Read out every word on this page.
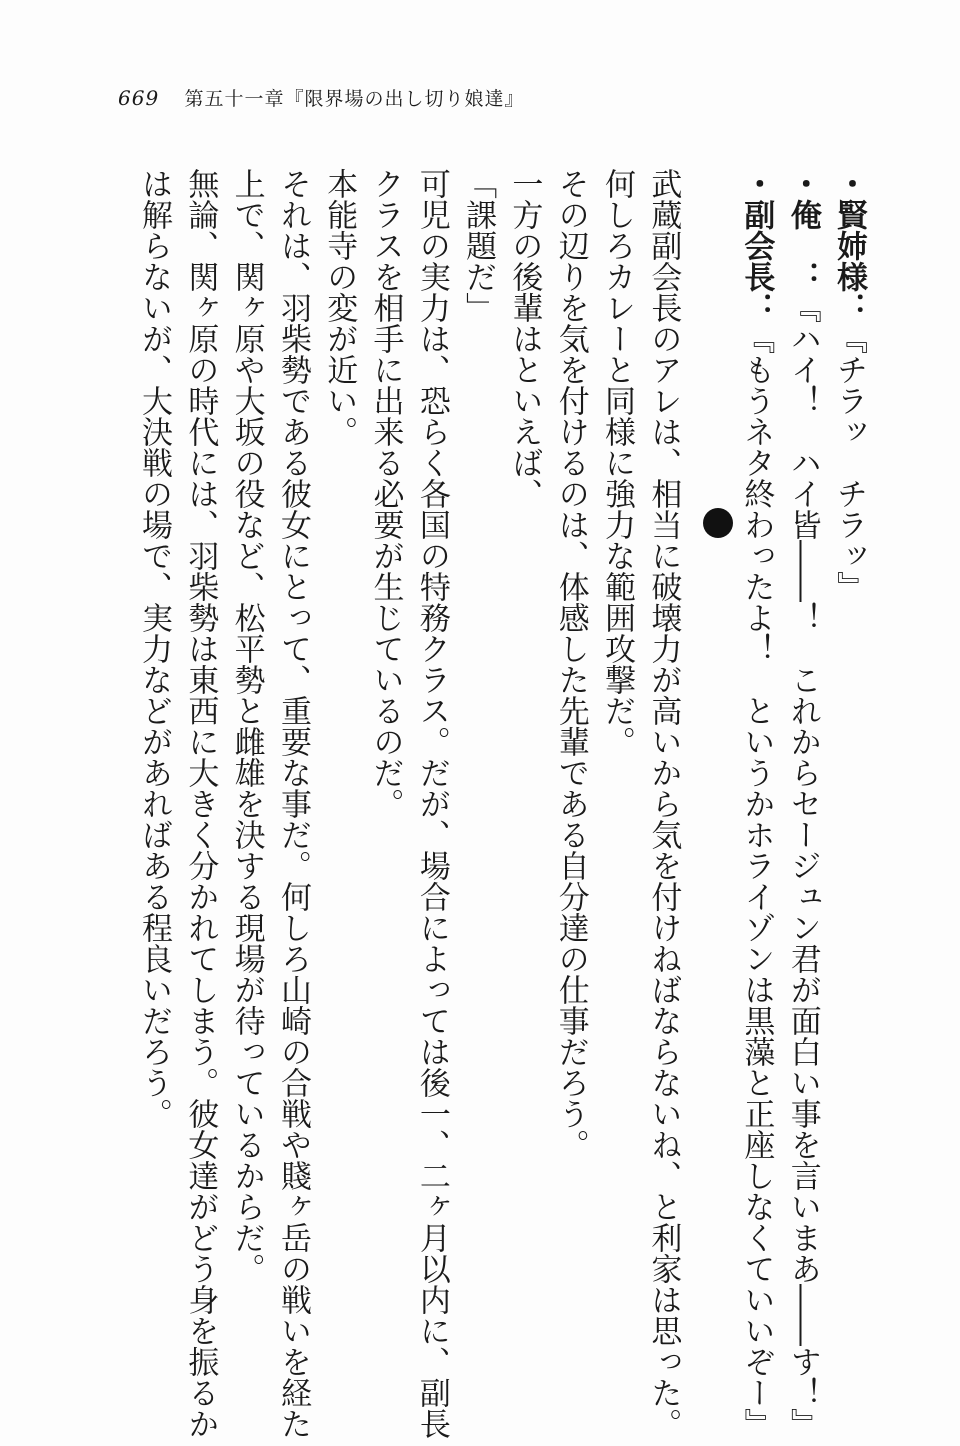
669 第五十一章『限界場の出し切り娘達』
・賢姉様：『チラッ　チラッ』
・俺　：『ハイ！　ハイ皆――！　これからセージュン君が面白い事を言いまあ――す！』
・副会長：『もうネタ終わったよ！　というかホライゾンは黒藻と正座しなくていいぞー』
武蔵副会長のアレは、相当に破壊力が高いから気を付けねばならないね、と利家は思った。
何しろカレーと同様に強力な範囲攻撃だ。
その辺りを気を付けるのは、体感した先輩である自分達の仕事だろう。
一方の後輩はといえば、
「課題だ」
可児の実力は、恐らく各国の特務クラス。だが、場合によっては後一、二ヶ月以内に、副長
クラスを相手に出来る必要が生じているのだ。
本能寺の変が近い。
それは、羽柴勢である彼女にとって、重要な事だ。何しろ山崎の合戦や賤ヶ岳の戦いを経た
上で、関ヶ原や大坂の役など、松平勢と雌雄を決する現場が待っているからだ。
無論、関ヶ原の時代には、羽柴勢は東西に大きく分かれてしまう。彼女達がどう身を振るか
は解らないが、大決戦の場で、実力などがあればある程良いだろう。
